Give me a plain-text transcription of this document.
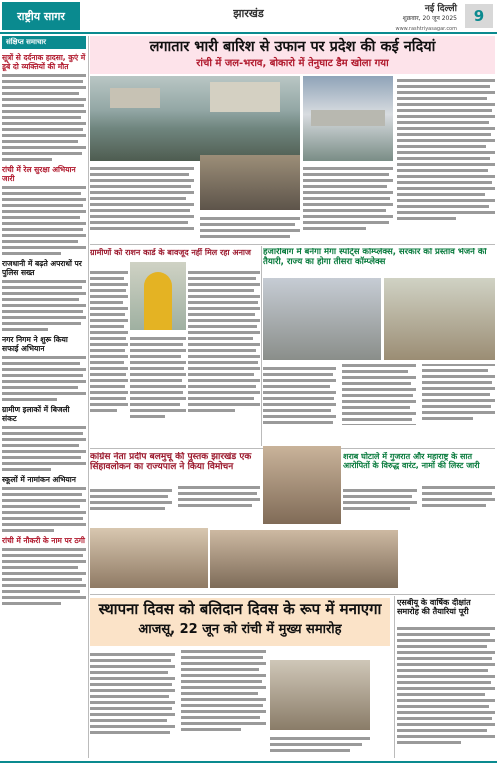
राष्ट्रीय सागर	झारखंड	नई दिल्ली
शुक्रवार, 20 जून 2025
www.rashtriyasagar.com
9
संक्षिप्त समाचार
सूत्रों से दर्दनाक हादसा, कुएं में डूबे दो व्यक्तियों की मौत
रांची में रेल सुरक्षा अभियान जारी
राजधानी में बढ़ते अपराधों पर पुलिस सख्त
नगर निगम ने शुरू किया सफाई अभियान
ग्रामीण इलाकों में बिजली संकट
स्कूलों में नामांकन अभियान
रांची में नौकरी के नाम पर ठगी
लगातार भारी बारिश से उफान पर प्रदेश की कई नदियां
रांची में जल-भराव, बोकारो में तेनुघाट डैम खोला गया
ग्रामीणों को राशन कार्ड के बावजूद नहीं मिल रहा अनाज	हजारीबाग में बनेगा मेगा स्पोर्ट्स कॉम्प्लेक्स, सरकार को प्रस्ताव भेजने की तैयारी, राज्य का होगा तीसरा कॉम्प्लेक्स
कांग्रेस नेता प्रदीप बलमुचू की पुस्तक झारखंड एक सिंहावलोकन का राज्यपाल ने किया विमोचन
शराब घोटाले में गुजरात और महाराष्ट्र के सात आरोपितों के विरुद्ध वारंट, नामों की लिस्ट जारी
स्थापना दिवस को बलिदान दिवस के रूप में मनाएगा
आजसू, 22 जून को रांची में मुख्य समारोह
एसबीयू के वार्षिक दीक्षांत समारोह की तैयारियां पूरी
